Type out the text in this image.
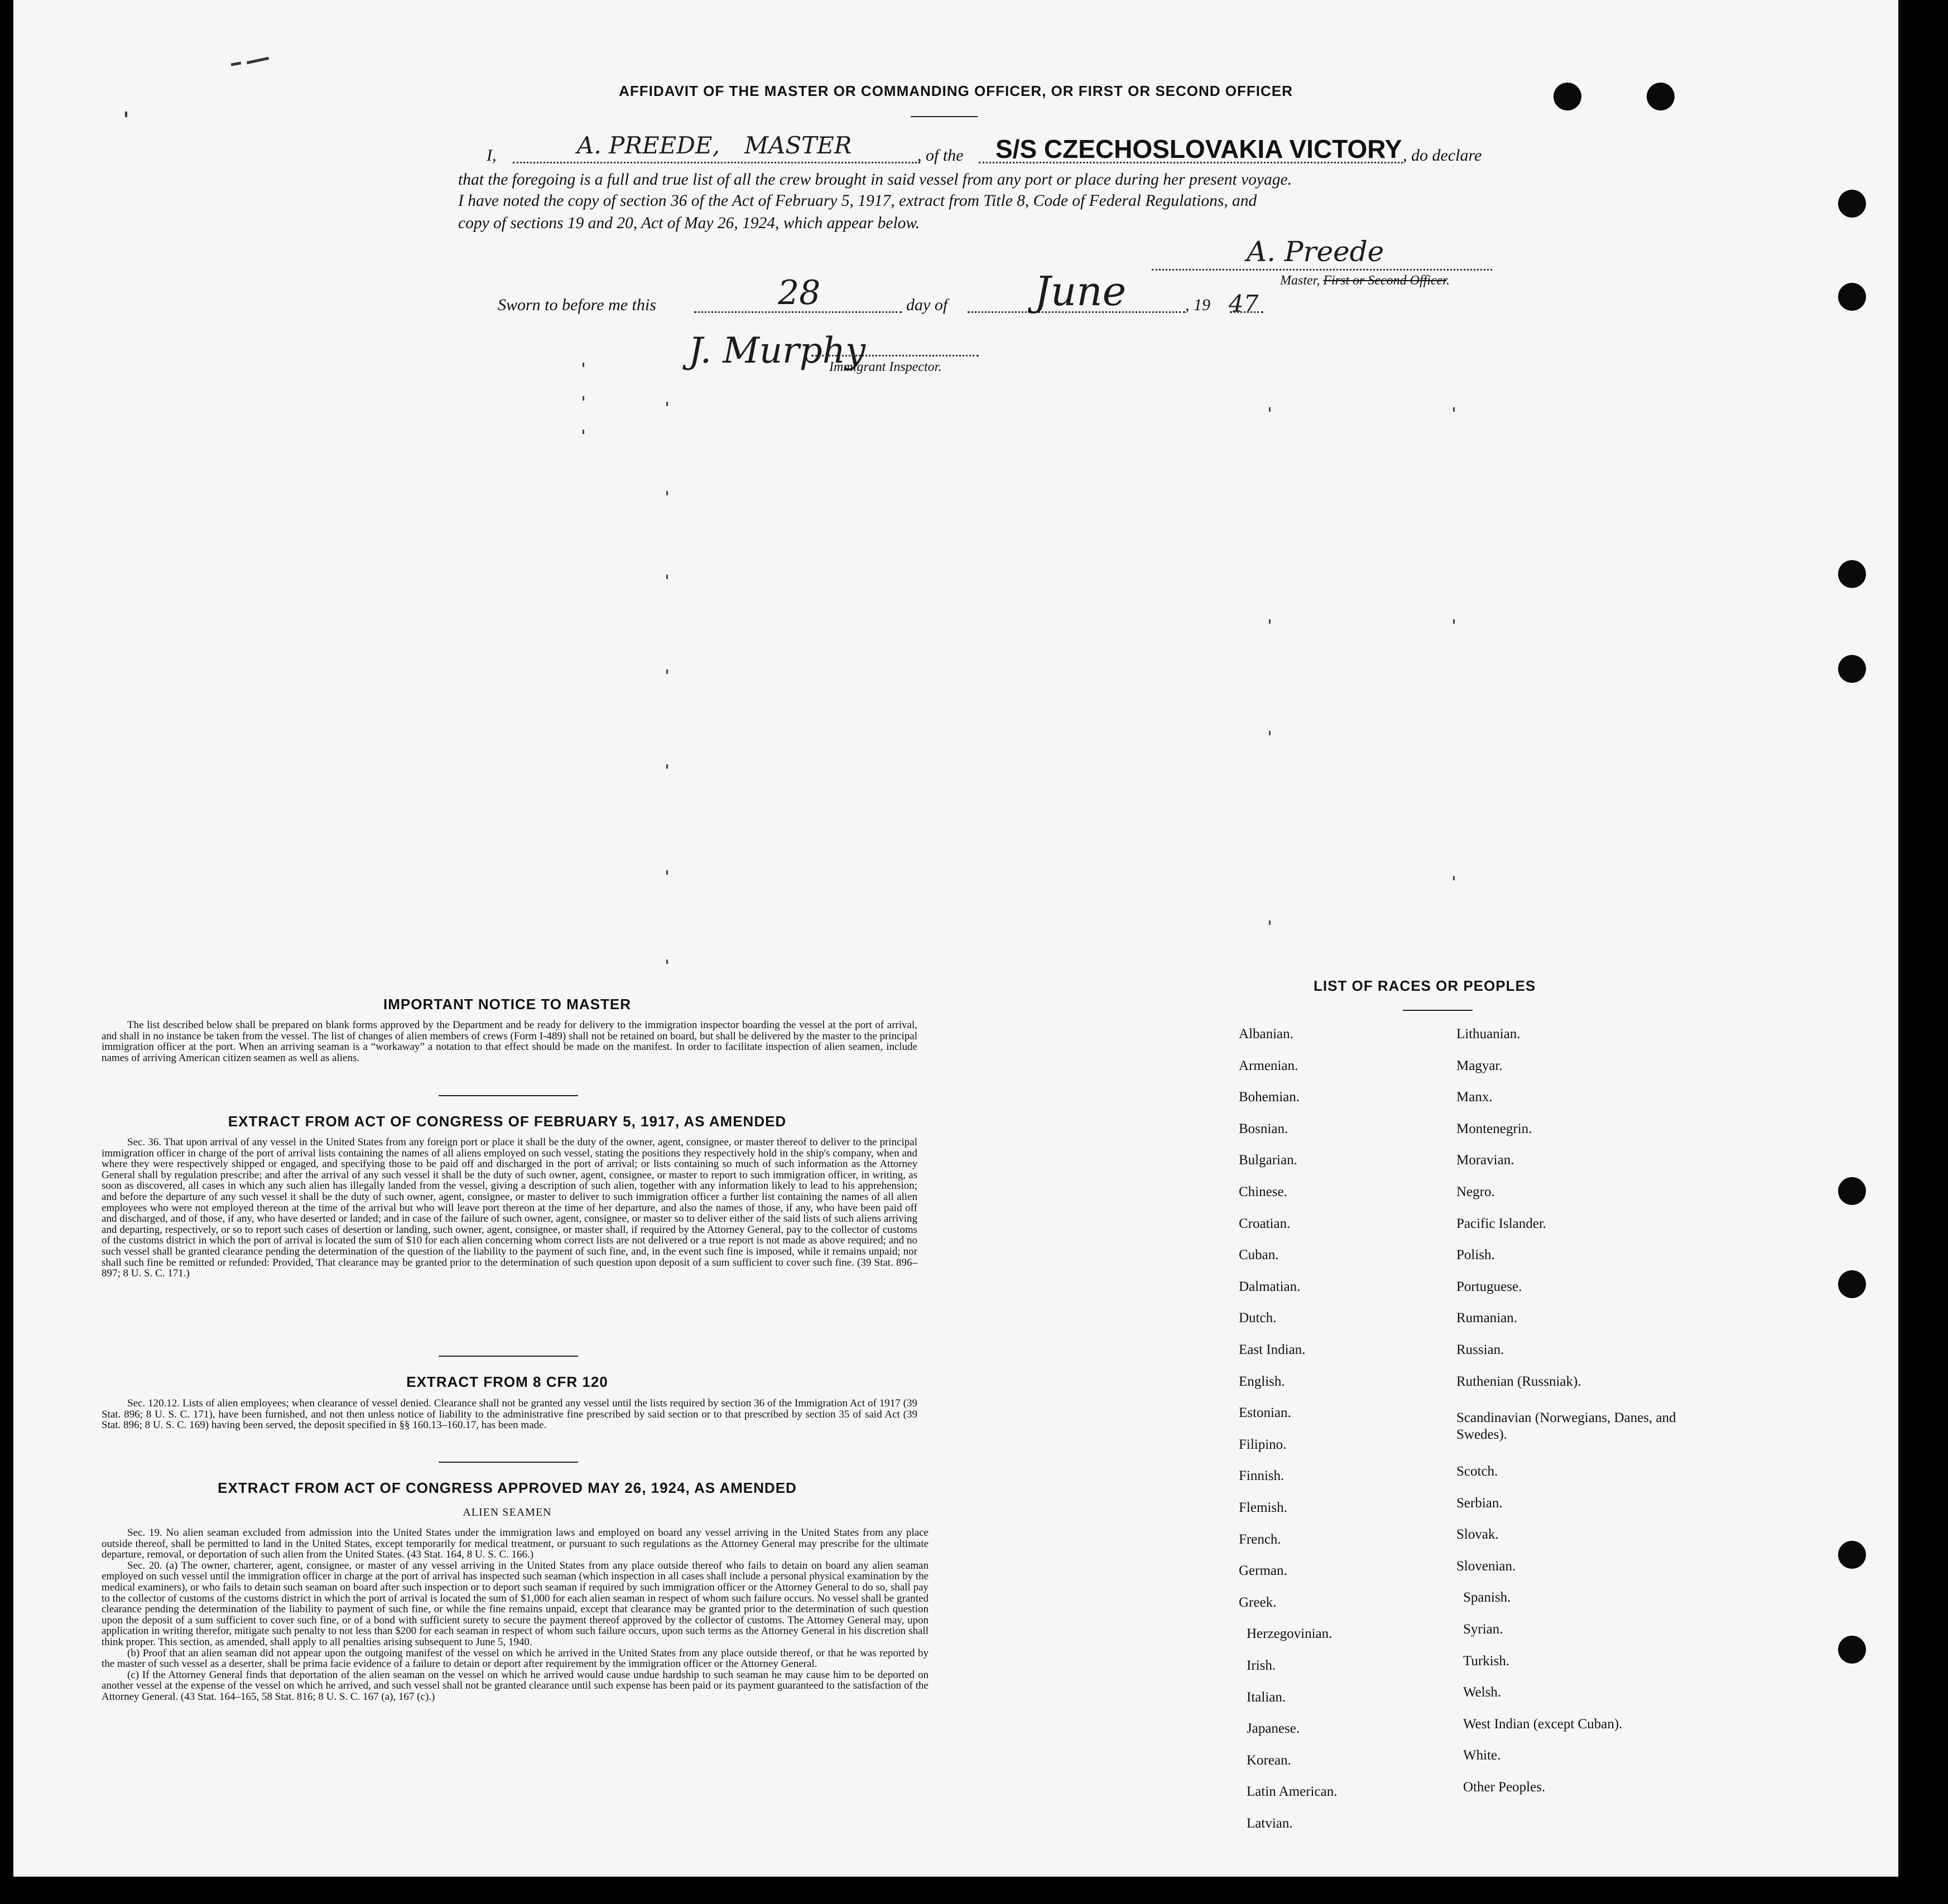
AFFIDAVIT OF THE MASTER OR COMMANDING OFFICER, OR FIRST OR SECOND OFFICER
I,	A. PREEDE, MASTER	, of the S/S CZECHOSLOVAKIA VICTORY , do declare
that the foregoing is a full and true list of all the crew brought in said vessel from any port or place during her present voyage.
I have noted the copy of section 36 of the Act of February 5, 1917, extract from Title 8, Code of Federal Regulations, and
copy of sections 19 and 20, Act of May 26, 1924, which appear below.
A. Preede
Master, First or Second Officer.
Sworn to before me this	28	day of June	, 19 47
J. Murphy
Immigrant Inspector.
IMPORTANT NOTICE TO MASTER

The list described below shall be prepared on blank forms approved by the Department and be ready for delivery to the immigration inspector boarding the vessel at the port of arrival, and shall in no instance be taken from the vessel. The list of changes of alien members of crews (Form I-489) shall not be retained on board, but shall be delivered by the master to the principal immigration officer at the port. When an arriving seaman is a “workaway” a notation to that effect should be made on the manifest. In order to facilitate inspection of alien seamen, include names of arriving American citizen seamen as well as aliens.

EXTRACT FROM ACT OF CONGRESS OF FEBRUARY 5, 1917, AS AMENDED

Sec. 36. That upon arrival of any vessel in the United States from any foreign port or place it shall be the duty of the owner, agent, consignee, or master thereof to deliver to the principal immigration officer in charge of the port of arrival lists containing the names of all aliens employed on such vessel, stating the positions they respectively hold in the ship's company, when and where they were respectively shipped or engaged, and specifying those to be paid off and discharged in the port of arrival; or lists containing so much of such information as the Attorney General shall by regulation prescribe; and after the arrival of any such vessel it shall be the duty of such owner, agent, consignee, or master to report to such immigration officer, in writing, as soon as discovered, all cases in which any such alien has illegally landed from the vessel, giving a description of such alien, together with any information likely to lead to his apprehension; and before the departure of any such vessel it shall be the duty of such owner, agent, consignee, or master to deliver to such immigration officer a further list containing the names of all alien employees who were not employed thereon at the time of the arrival but who will leave port thereon at the time of her departure, and also the names of those, if any, who have been paid off and discharged, and of those, if any, who have deserted or landed; and in case of the failure of such owner, agent, consignee, or master so to deliver either of the said lists of such aliens arriving and departing, respectively, or so to report such cases of desertion or landing, such owner, agent, consignee, or master shall, if required by the Attorney General, pay to the collector of customs of the customs district in which the port of arrival is located the sum of $10 for each alien concerning whom correct lists are not delivered or a true report is not made as above required; and no such vessel shall be granted clearance pending the determination of the question of the liability to the payment of such fine, and, in the event such fine is imposed, while it remains unpaid; nor shall such fine be remitted or refunded: Provided, That clearance may be granted prior to the determination of such question upon deposit of a sum sufficient to cover such fine. (39 Stat. 896–897; 8 U. S. C. 171.)

EXTRACT FROM 8 CFR 120

Sec. 120.12. Lists of alien employees; when clearance of vessel denied. Clearance shall not be granted any vessel until the lists required by section 36 of the Immigration Act of 1917 (39 Stat. 896; 8 U. S. C. 171), have been furnished, and not then unless notice of liability to the administrative fine prescribed by said section or to that prescribed by section 35 of said Act (39 Stat. 896; 8 U. S. C. 169) having been served, the deposit specified in §§ 160.13–160.17, has been made.

EXTRACT FROM ACT OF CONGRESS APPROVED MAY 26, 1924, AS AMENDED
ALIEN SEAMEN

Sec. 19. No alien seaman excluded from admission into the United States under the immigration laws and employed on board any vessel arriving in the United States from any place outside thereof, shall be permitted to land in the United States, except temporarily for medical treatment, or pursuant to such regulations as the Attorney General may prescribe for the ultimate departure, removal, or deportation of such alien from the United States. (43 Stat. 164, 8 U. S. C. 166.)

Sec. 20. (a) The owner, charterer, agent, consignee, or master of any vessel arriving in the United States from any place outside thereof who fails to detain on board any alien seaman employed on such vessel until the immigration officer in charge at the port of arrival has inspected such seaman (which inspection in all cases shall include a personal physical examination by the medical examiners), or who fails to detain such seaman on board after such inspection or to deport such seaman if required by such immigration officer or the Attorney General to do so, shall pay to the collector of customs of the customs district in which the port of arrival is located the sum of $1,000 for each alien seaman in respect of whom such failure occurs. No vessel shall be granted clearance pending the determination of the liability to payment of such fine, or while the fine remains unpaid, except that clearance may be granted prior to the determination of such question upon the deposit of a sum sufficient to cover such fine, or of a bond with sufficient surety to secure the payment thereof approved by the collector of customs. The Attorney General may, upon application in writing therefor, mitigate such penalty to not less than $200 for each seaman in respect of whom such failure occurs, upon such terms as the Attorney General in his discretion shall think proper. This section, as amended, shall apply to all penalties arising subsequent to June 5, 1940.

(b) Proof that an alien seaman did not appear upon the outgoing manifest of the vessel on which he arrived in the United States from any place outside thereof, or that he was reported by the master of such vessel as a deserter, shall be prima facie evidence of a failure to detain or deport after requirement by the immigration officer or the Attorney General.

(c) If the Attorney General finds that deportation of the alien seaman on the vessel on which he arrived would cause undue hardship to such seaman he may cause him to be deported on another vessel at the expense of the vessel on which he arrived, and such vessel shall not be granted clearance until such expense has been paid or its payment guaranteed to the satisfaction of the Attorney General. (43 Stat. 164–165, 58 Stat. 816; 8 U. S. C. 167 (a), 167 (c).)

LIST OF RACES OR PEOPLES
Albanian.
Armenian.
Bohemian.
Bosnian.
Bulgarian.
Chinese.
Croatian.
Cuban.
Dalmatian.
Dutch.
East Indian.
English.
Estonian.
Filipino.
Finnish.
Flemish.
French.
German.
Greek.
Herzegovinian.
Irish.
Italian.
Japanese.
Korean.
Latin American.
Latvian.
Lithuanian.
Magyar.
Manx.
Montenegrin.
Moravian.
Negro.
Pacific Islander.
Polish.
Portuguese.
Rumanian.
Russian.
Ruthenian (Russniak).
Scandinavian (Norwegians, Danes, and Swedes).
Scotch.
Serbian.
Slovak.
Slovenian.
Spanish.
Syrian.
Turkish.
Welsh.
West Indian (except Cuban).
White.
Other Peoples.
